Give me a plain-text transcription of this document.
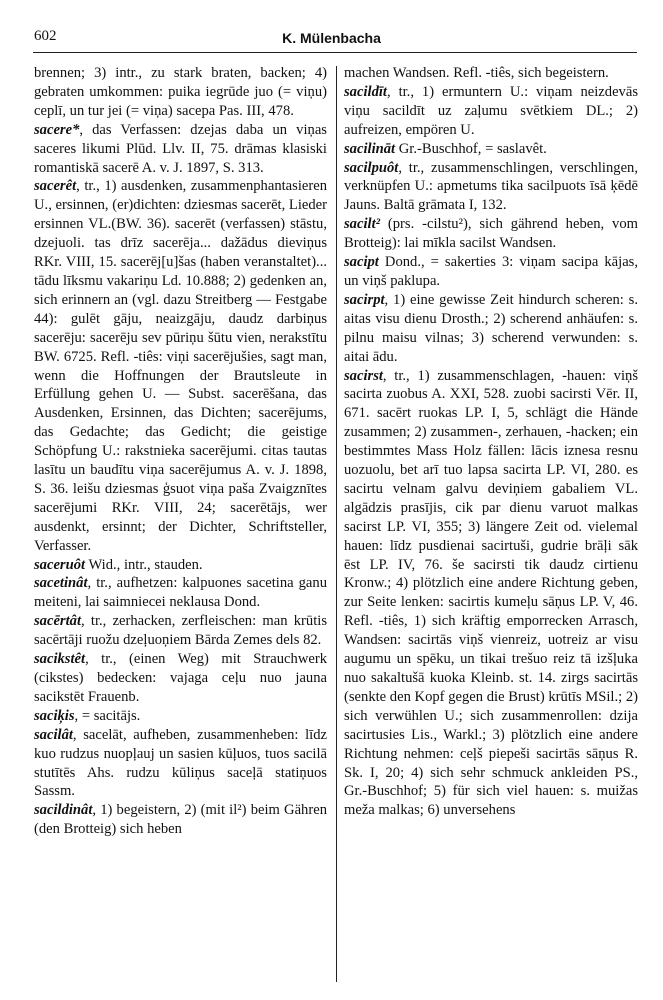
602	K. Mülenbacha

brennen; 3) intr., zu stark braten, backen; 4) gebraten umkommen: puika iegrūde juo (= viņu) ceplī, un tur jei (= viņa) sacepa Pas. III, 478.

sacere*, das Verfassen: dzejas daba un viņas saceres likumi Plūd. Llv. II, 75. drāmas klasiski romantiskā sacerē A. v. J. 1897, S. 313.

sacerêt, tr., 1) ausdenken, zusammenphantasieren U., ersinnen, (er)dichten: dziesmas sacerēt, Lieder ersinnen VL.(BW. 36). sacerēt (verfassen) stāstu, dzejuoli. tas drīz sacerēja... dažādus dieviņus RKr. VIII, 15. sacerēj[u]šas (haben veranstaltet)... tādu līksmu vakariņu Ld. 10.888; 2) gedenken an, sich erinnern an (vgl. dazu Streitberg — Festgabe 44): gulēt gāju, neaizgāju, daudz darbiņus sacerēju: sacerēju sev pūriņu šūtu vien, nerakstītu BW. 6725. Refl. -tiês: viņi sacerējušies, sagt man, wenn die Hoffnungen der Brautsleute in Erfüllung gehen U. — Subst. sacerēšana, das Ausdenken, Ersinnen, das Dichten; sacerējums, das Gedachte; das Gedicht; die geistige Schöpfung U.: rakstnieka sacerējumi. citas tautas lasītu un baudītu viņa sacerējumus A. v. J. 1898, S. 36. leišu dziesmas ģsuot viņa paša Zvaigznītes sacerējumi RKr. VIII, 24; sacerētājs, wer ausdenkt, ersinnt; der Dichter, Schriftsteller, Verfasser.

saceruôt Wid., intr., stauden.

sacetinât, tr., aufhetzen: kalpuones sacetina ganu meiteni, lai saimniecei neklausa Dond.

sacērtât, tr., zerhacken, zerfleischen: man krūtis sacērtāji ruožu dzeļuoņiem Bārda Zemes dels 82.

sacikstêt, tr., (einen Weg) mit Strauchwerk (cikstes) bedecken: vajaga ceļu nuo jauna sacikstēt Frauenb.

saciķis, = sacitājs.

sacilât, sacelāt, aufheben, zusammenheben: līdz kuo rudzus nuopļauj un sasien kūļuos, tuos sacilā stutītēs Ahs. rudzu kūliņus saceļā statiņuos Sassm.

sacildinât, 1) begeistern, 2) (mit il²) beim Gähren (den Brotteig) sich heben

machen Wandsen. Refl. -tiês, sich begeistern.

sacildīt, tr., 1) ermuntern U.: viņam neizdevās viņu sacildīt uz zaļumu svētkiem DL.; 2) aufreizen, empören U.

sacilināt Gr.-Buschhof, = saslavêt.

sacilpuôt, tr., zusammenschlingen, verschlingen, verknüpfen U.: apmetums tika sacilpuots īsā ķēdē Jauns. Baltā grāmata I, 132.

sacilt² (prs. -cilstu²), sich gährend heben, vom Brotteig): lai mīkla sacilst Wandsen.

sacipt Dond., = sakerties 3: viņam sacipa kājas, un viņš paklupa.

sacirpt, 1) eine gewisse Zeit hindurch scheren: s. aitas visu dienu Drosth.; 2) scherend anhäufen: s. pilnu maisu vilnas; 3) scherend verwunden: s. aitai ādu.

sacirst, tr., 1) zusammenschlagen, -hauen: viņš sacirta zuobus A. XXI, 528. zuobi sacirsti Vēr. II, 671. sacērt ruokas LP. I, 5, schlägt die Hände zusammen; 2) zusammen-, zerhauen, -hacken; ein bestimmtes Mass Holz fällen: lācis iznesa resnu uozuolu, bet arī tuo lapsa sacirta LP. VI, 280. es sacirtu velnam galvu deviņiem gabaliem VL. algādzis prasījis, cik par dienu varuot malkas sacirst LP. VI, 355; 3) längere Zeit od. vielemal hauen: līdz pusdienai sacirtuši, gudrie brāļi sāk ēst LP. IV, 76. še sacirsti tik daudz cirtienu Kronw.; 4) plötzlich eine andere Richtung geben, zur Seite lenken: sacirtis kumeļu sāņus LP. V, 46. Refl. -tiês, 1) sich kräftig emporrecken Arrasch, Wandsen: sacirtās viņš vienreiz, uotreiz ar visu augumu un spēku, un tikai trešuo reiz tā izšļuka nuo sakaltušā kuoka Kleinb. st. 14. zirgs sacirtās (senkte den Kopf gegen die Brust) krūtīs MSil.; 2) sich verwühlen U.; sich zusammenrollen: dzija sacirtusies Lis., Warkl.; 3) plötzlich eine andere Richtung nehmen: ceļš piepeši sacirtās sāņus R. Sk. I, 20; 4) sich sehr schmuck ankleiden PS., Gr.-Buschhof; 5) für sich viel hauen: s. muižas meža malkas; 6) unversehens
